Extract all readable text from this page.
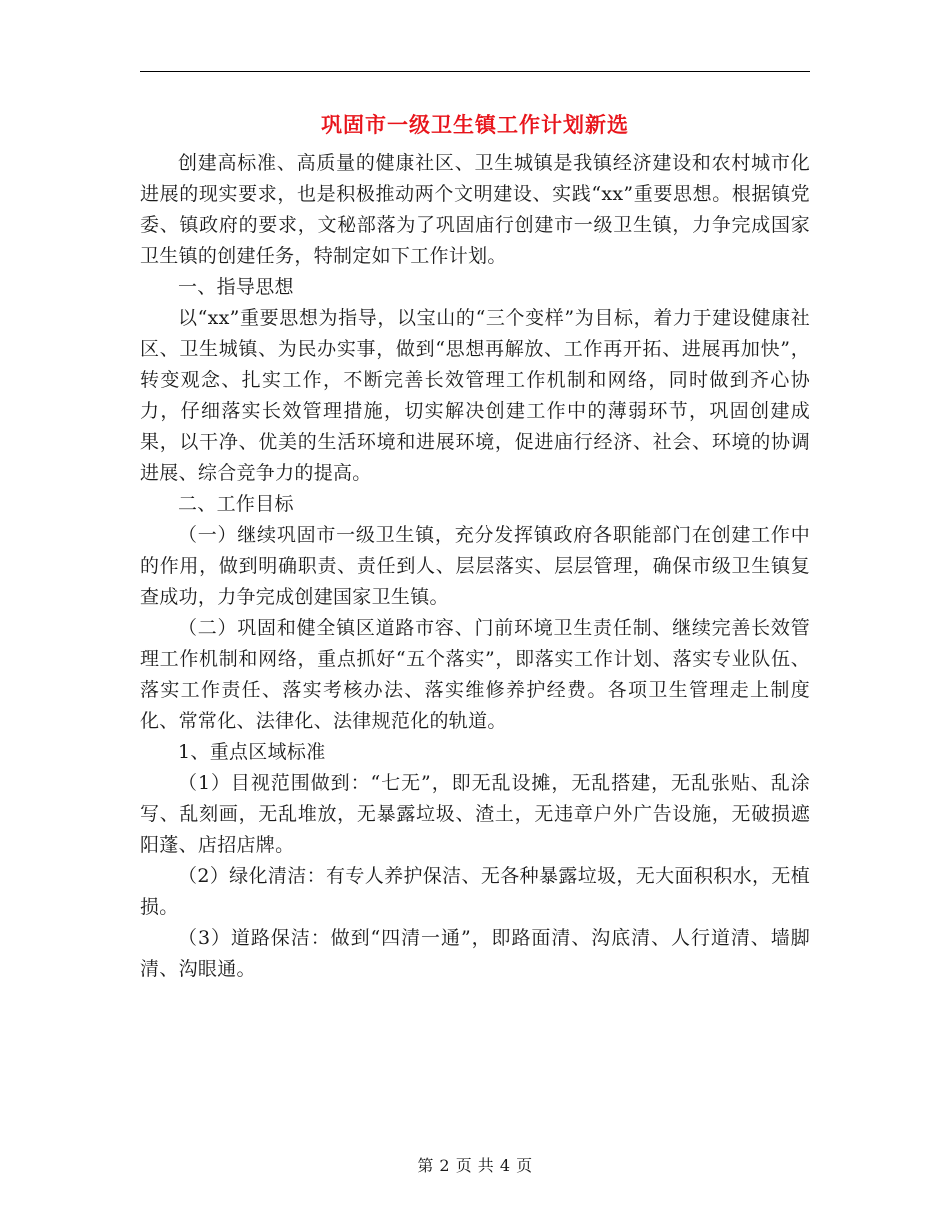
巩固市一级卫生镇工作计划新选

创建高标准、高质量的健康社区、卫生城镇是我镇经济建设和农村城市化进展的现实要求，也是积极推动两个文明建设、实践“xx”重要思想。根据镇党委、镇政府的要求，文秘部落为了巩固庙行创建市一级卫生镇，力争完成国家卫生镇的创建任务，特制定如下工作计划。

一、指导思想

以“xx”重要思想为指导，以宝山的“三个变样”为目标，着力于建设健康社区、卫生城镇、为民办实事，做到“思想再解放、工作再开拓、进展再加快”，转变观念、扎实工作，不断完善长效管理工作机制和网络，同时做到齐心协力，仔细落实长效管理措施，切实解决创建工作中的薄弱环节，巩固创建成果，以干净、优美的生活环境和进展环境，促进庙行经济、社会、环境的协调进展、综合竞争力的提高。

二、工作目标

（一）继续巩固市一级卫生镇，充分发挥镇政府各职能部门在创建工作中的作用，做到明确职责、责任到人、层层落实、层层管理，确保市级卫生镇复查成功，力争完成创建国家卫生镇。

（二）巩固和健全镇区道路市容、门前环境卫生责任制、继续完善长效管理工作机制和网络，重点抓好“五个落实”，即落实工作计划、落实专业队伍、落实工作责任、落实考核办法、落实维修养护经费。各项卫生管理走上制度化、常常化、法律化、法律规范化的轨道。

1、重点区域标准

（1）目视范围做到：“七无”，即无乱设摊，无乱搭建，无乱张贴、乱涂写、乱刻画，无乱堆放，无暴露垃圾、渣土，无违章户外广告设施，无破损遮阳蓬、店招店牌。

（2）绿化清洁：有专人养护保洁、无各种暴露垃圾，无大面积积水，无植损。

（3）道路保洁：做到“四清一通”，即路面清、沟底清、人行道清、墙脚清、沟眼通。

第 2 页 共 4 页
